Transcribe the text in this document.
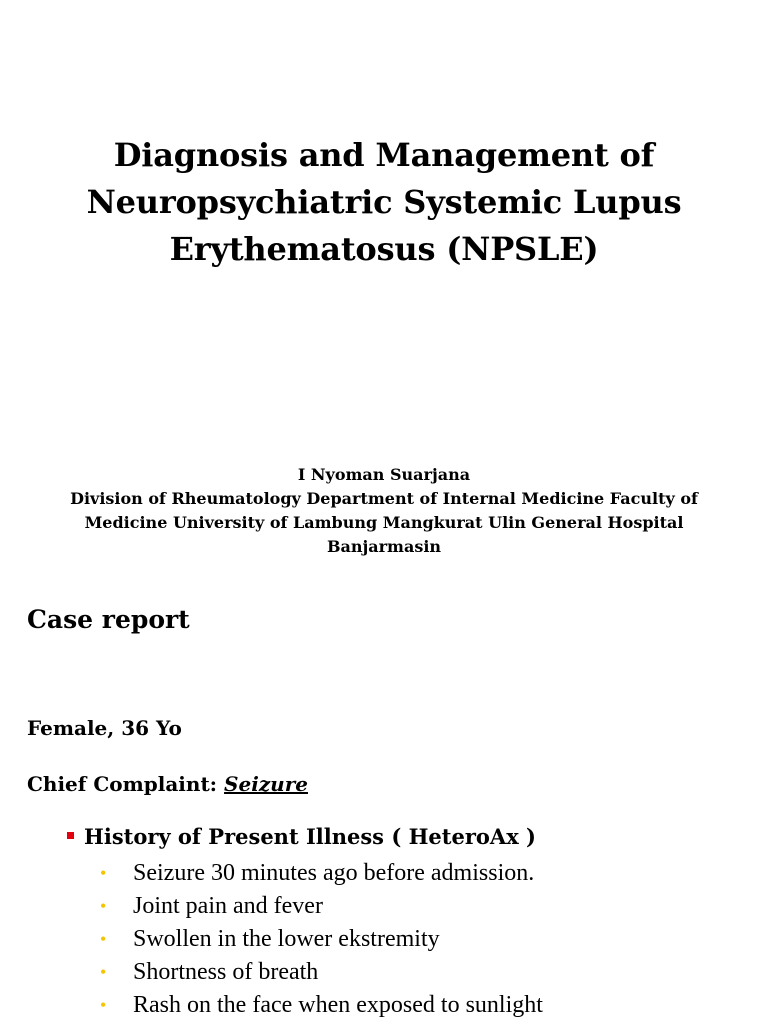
Diagnosis and Management of
Neuropsychiatric Systemic Lupus
Erythematosus (NPSLE)
I Nyoman Suarjana
Division of Rheumatology Department of Internal Medicine Faculty of
Medicine University of Lambung Mangkurat Ulin General Hospital
Banjarmasin
Case report
Female, 36 Yo
Chief Complaint: Seizure
History of Present Illness ( HeteroAx )
• Seizure 30 minutes ago before admission.
• Joint pain and fever
• Swollen in the lower ekstremity
• Shortness of breath
• Rash on the face when exposed to sunlight
